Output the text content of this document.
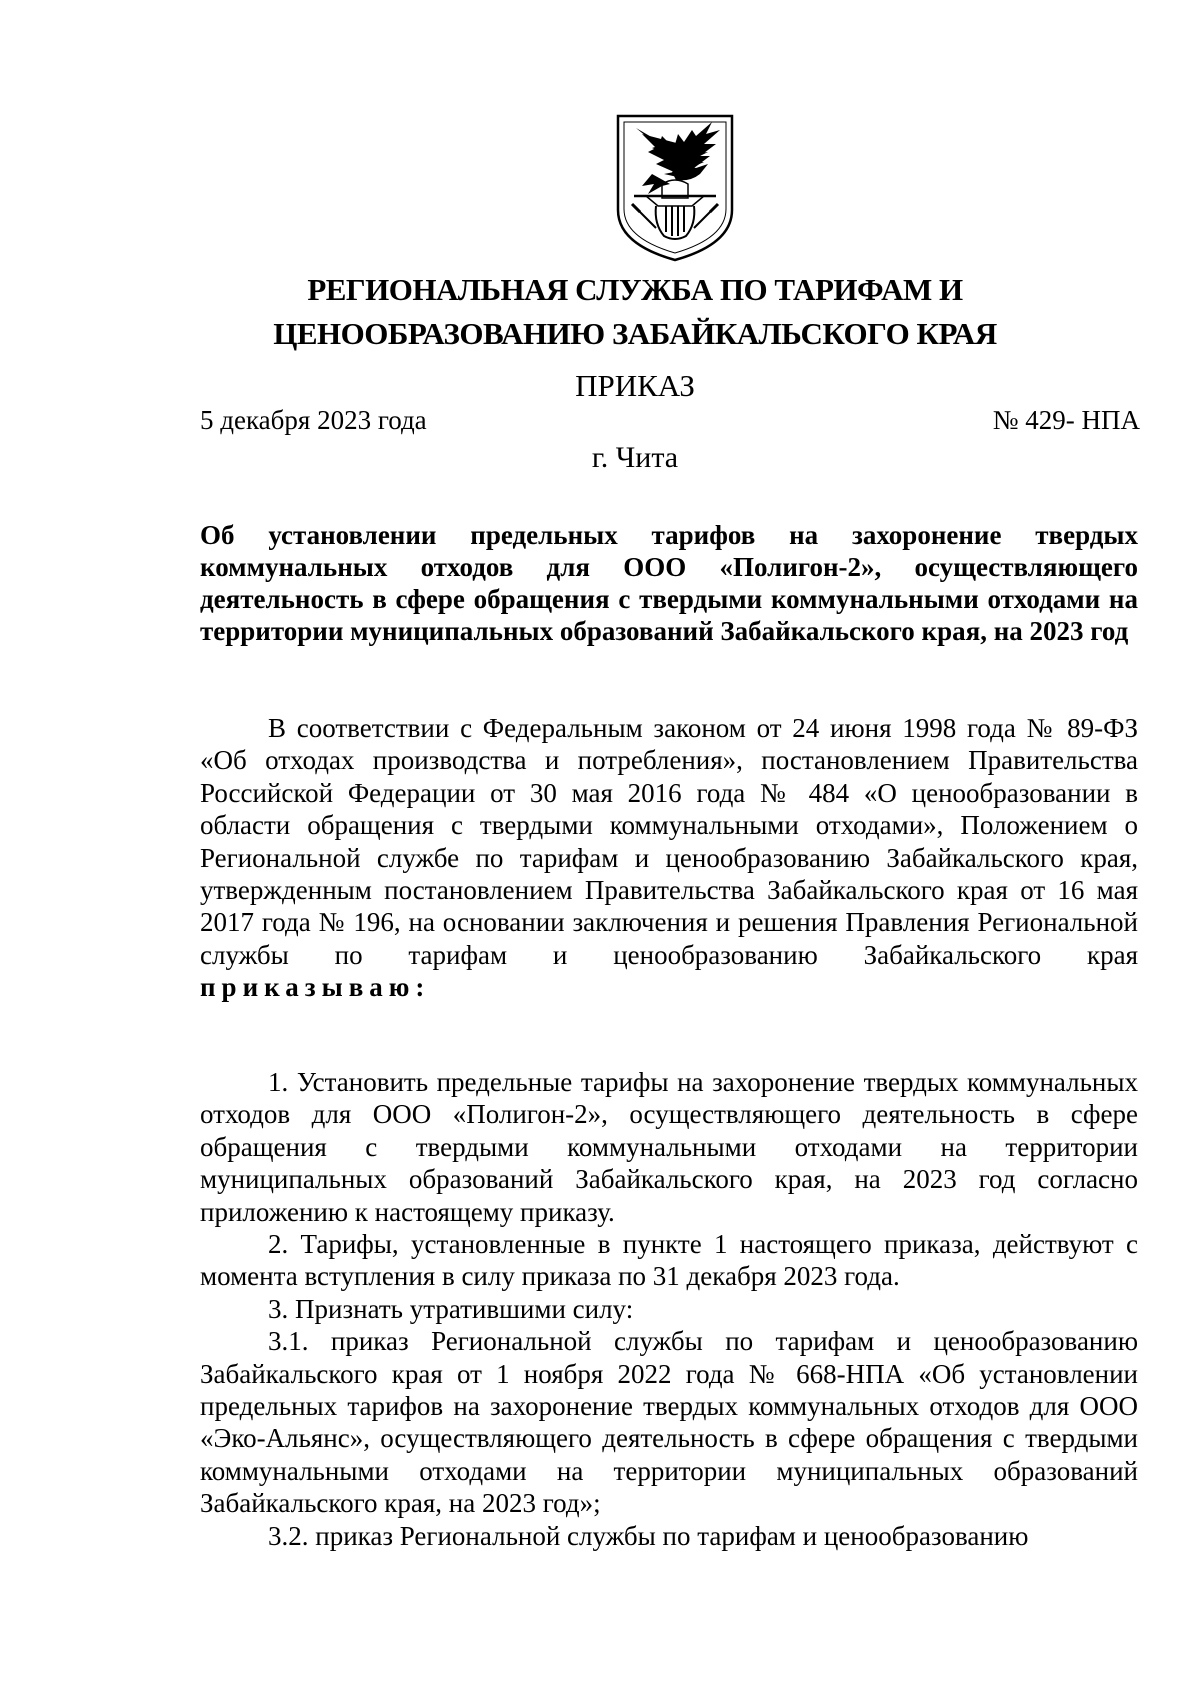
РЕГИОНАЛЬНАЯ СЛУЖБА ПО ТАРИФАМ И
ЦЕНООБРАЗОВАНИЮ ЗАБАЙКАЛЬСКОГО КРАЯ
ПРИКАЗ
5 декабря 2023 года	№ 429- НПА
г. Чита
Об установлении предельных тарифов на захоронение твердых коммунальных отходов для ООО «Полигон-2», осуществляющего деятельность в сфере обращения с твердыми коммунальными отходами на территории муниципальных образований Забайкальского края, на 2023 год

В соответствии с Федеральным законом от 24 июня 1998 года № 89-ФЗ «Об отходах производства и потребления», постановлением Правительства Российской Федерации от 30 мая 2016 года № 484 «О ценообразовании в области обращения с твердыми коммунальными отходами», Положением о Региональной службе по тарифам и ценообразованию Забайкальского края, утвержденным постановлением Правительства Забайкальского края от 16 мая 2017 года № 196, на основании заключения и решения Правления Региональной службы по тарифам и ценообразованию Забайкальского края приказываю:

1. Установить предельные тарифы на захоронение твердых коммунальных отходов для ООО «Полигон-2», осуществляющего деятельность в сфере обращения с твердыми коммунальными отходами на территории муниципальных образований Забайкальского края, на 2023 год согласно приложению к настоящему приказу.

2. Тарифы, установленные в пункте 1 настоящего приказа, действуют с момента вступления в силу приказа по 31 декабря 2023 года.

3. Признать утратившими силу:

3.1. приказ Региональной службы по тарифам и ценообразованию Забайкальского края от 1 ноября 2022 года № 668-НПА «Об установлении предельных тарифов на захоронение твердых коммунальных отходов для ООО «Эко-Альянс», осуществляющего деятельность в сфере обращения с твердыми коммунальными отходами на территории муниципальных образований Забайкальского края, на 2023 год»;

3.2. приказ Региональной службы по тарифам и ценообразованию
